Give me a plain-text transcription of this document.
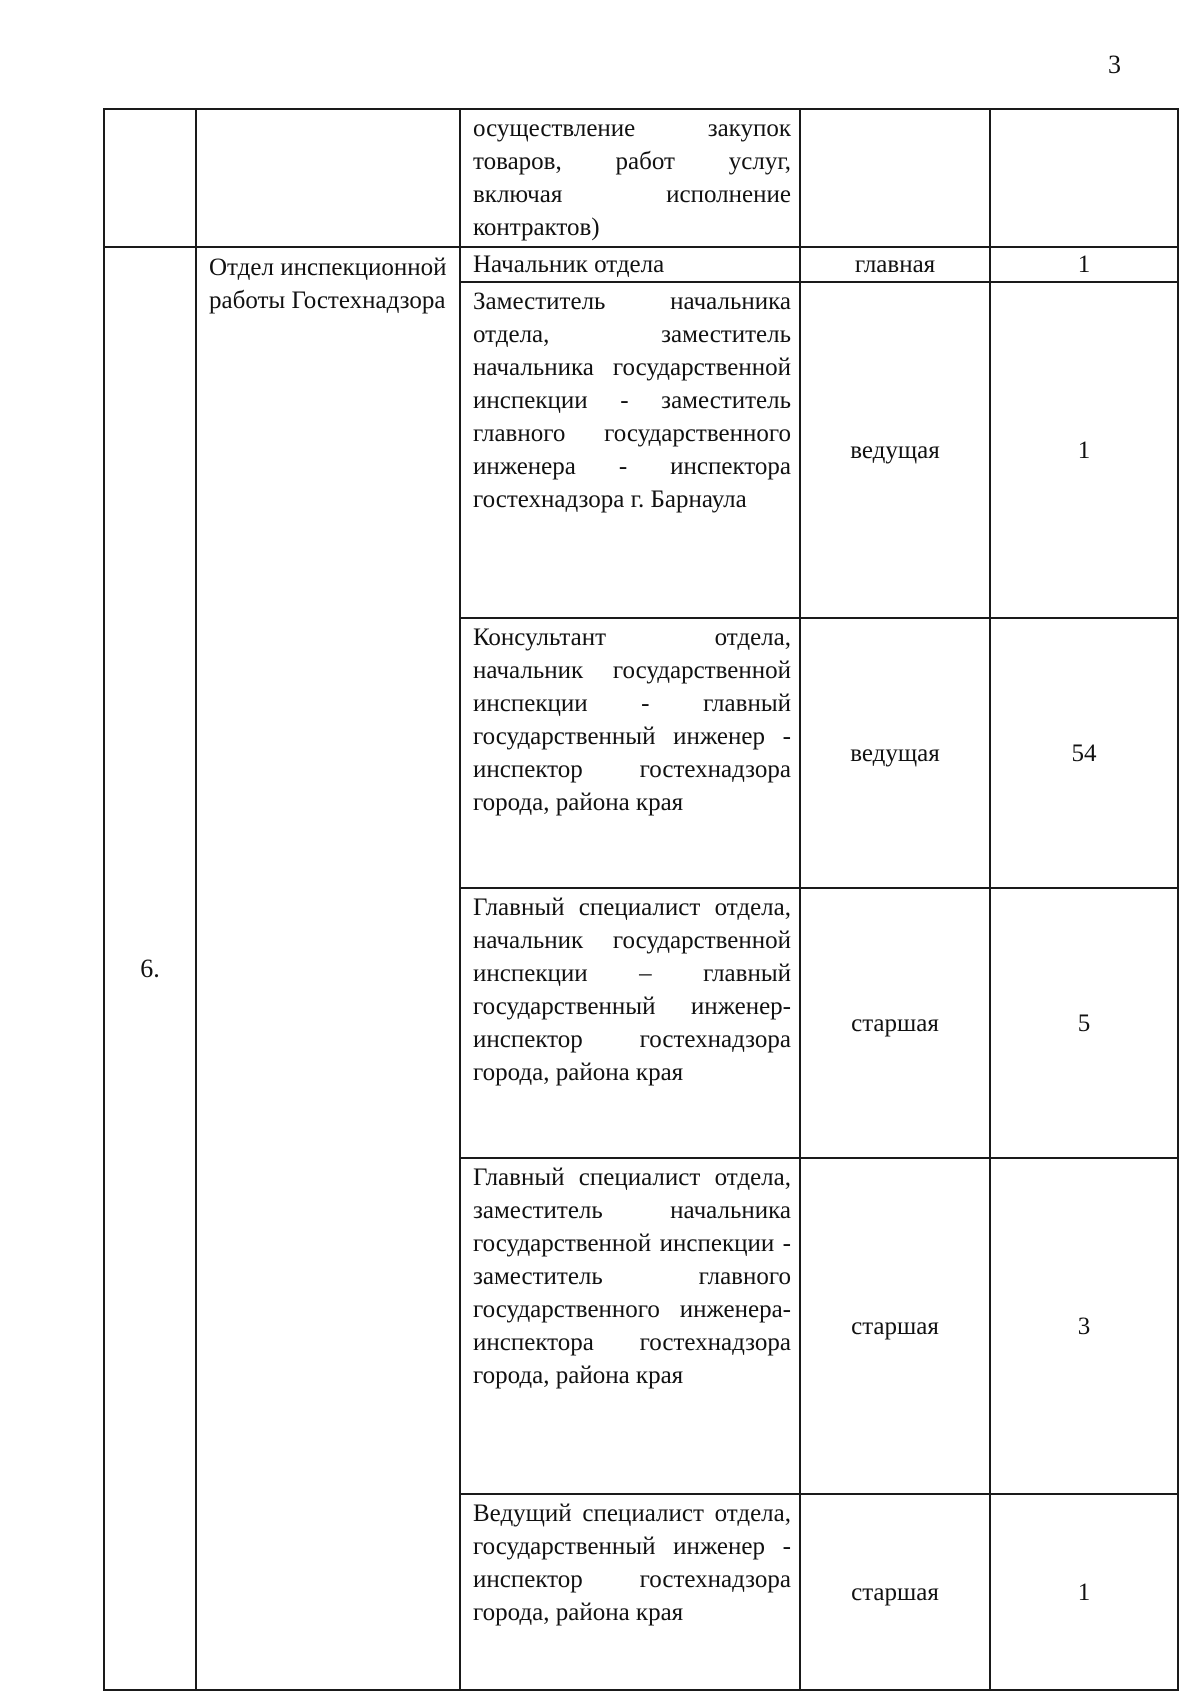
3
		осуществление закупок товаров, работ услуг, включая исполнение контрактов)		
6.	Отдел инспекционной работы Гостехнадзора	Начальник отдела	главная	1
		Заместитель начальника отдела, заместитель начальника государственной инспекции - заместитель главного государственного инженера - инспектора гостехнадзора г. Барнаула	ведущая	1
		Консультант отдела, начальник государственной инспекции - главный государственный инженер - инспектор гостехнадзора города, района края	ведущая	54
		Главный специалист отдела, начальник государственной инспекции – главный государственный инженер-инспектор гостехнадзора города, района края	старшая	5
		Главный специалист отдела, заместитель начальника государственной инспекции - заместитель главного государственного инженера-инспектора гостехнадзора города, района края	старшая	3
		Ведущий специалист отдела, государственный инженер - инспектор гостехнадзора города, района края	старшая	1
